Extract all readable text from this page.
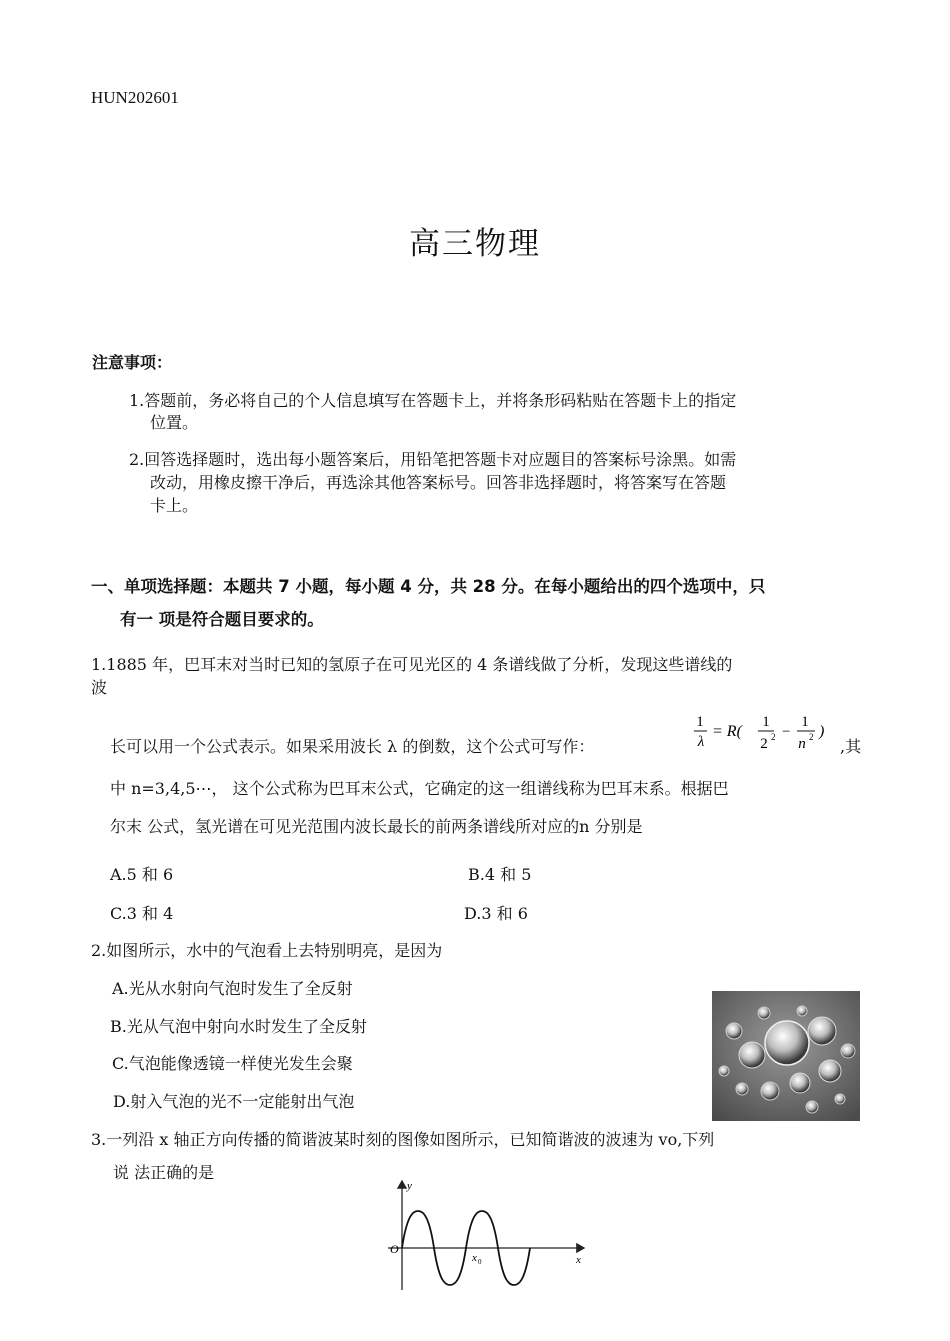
HUN202601
高三物理
注意事项：
1.答题前，务必将自己的个人信息填写在答题卡上，并将条形码粘贴在答题卡上的指定
位置。
2.回答选择题时，选出每小题答案后，用铅笔把答题卡对应题目的答案标号涂黑。如需
改动，用橡皮擦干净后，再选涂其他答案标号。回答非选择题时，将答案写在答题
卡上。
一、单项选择题：本题共 7 小题，每小题 4 分，共 28 分。在每小题给出的四个选项中，只
有一 项是符合题目要求的。
1.1885 年，巴耳末对当时已知的氢原子在可见光区的 4 条谱线做了分析，发现这些谱线的
波
长可以用一个公式表示。如果采用波长 λ 的倒数，这个公式可写作：
1
λ
= R(
1
2 2 −
1
n 2 )
,其
中 n=3,4,5⋯， 这个公式称为巴耳末公式，它确定的这一组谱线称为巴耳末系。根据巴
尔末 公式，氢光谱在可见光范围内波长最长的前两条谱线所对应的n 分别是
A.5 和 6	B.4 和 5
C.3 和 4	D.3 和 6
2.如图所示，水中的气泡看上去特别明亮，是因为
A.光从水射向气泡时发生了全反射
B.光从气泡中射向水时发生了全反射
C.气泡能像透镜一样使光发生会聚
D.射入气泡的光不一定能射出气泡
3.一列沿 x 轴正方向传播的简谐波某时刻的图像如图所示，已知简谐波的波速为 vo,下列
说 法正确的是
y
x
O
x 0
